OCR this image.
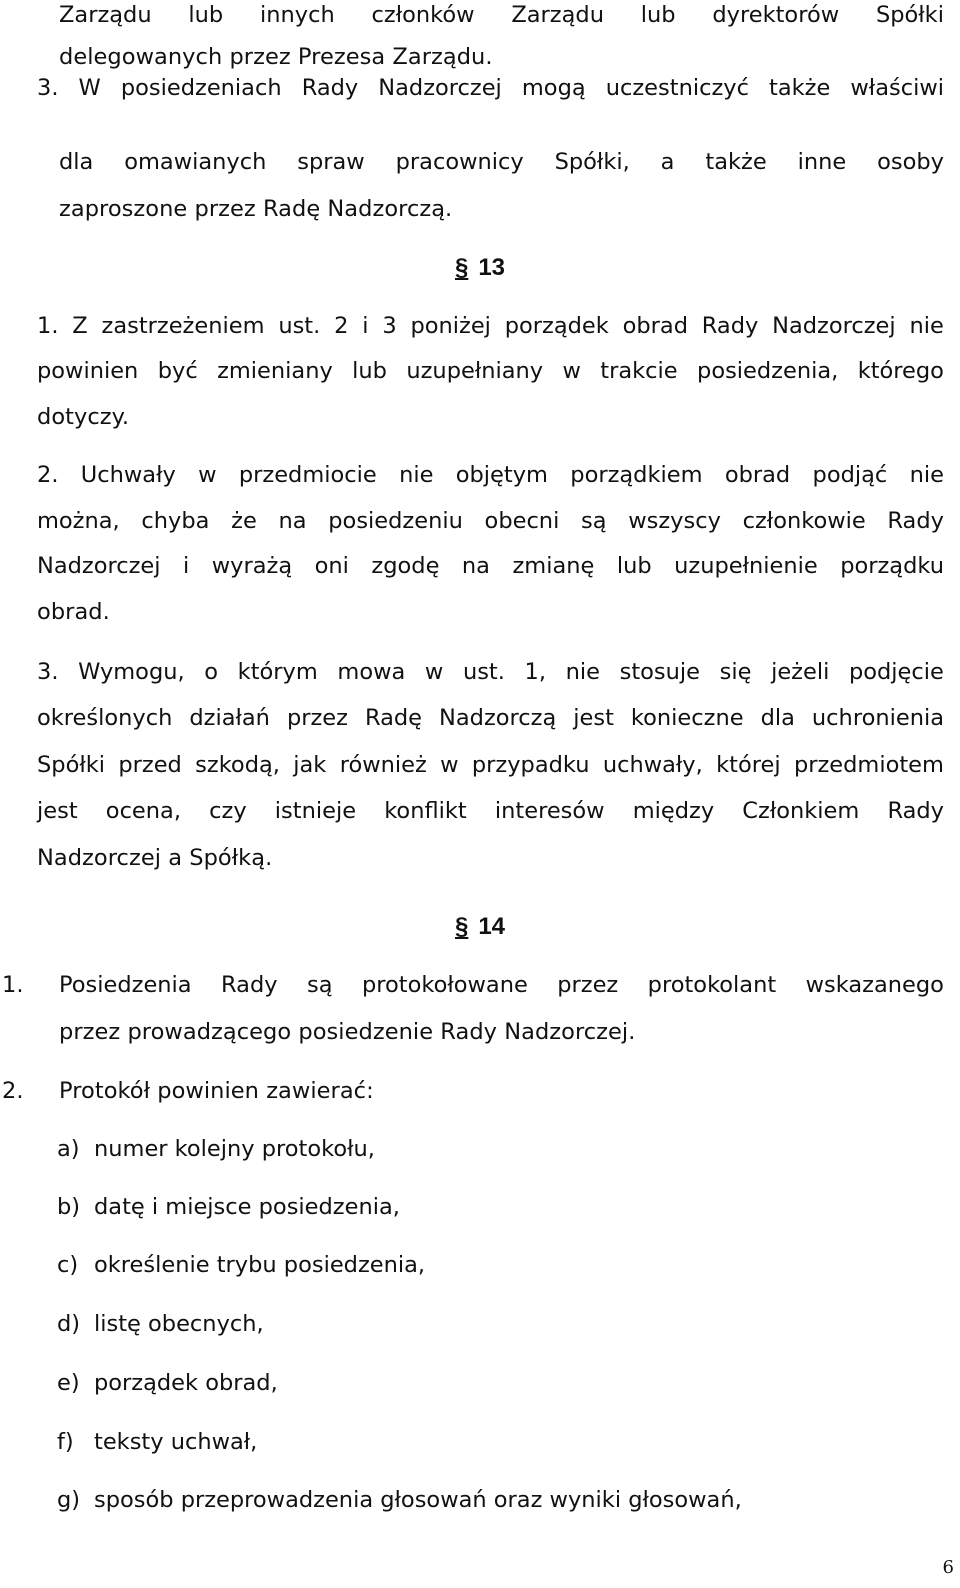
Zarządu lub innych członków Zarządu lub dyrektorów Spółki

delegowanych przez Prezesa Zarządu.

3. W posiedzeniach Rady Nadzorczej mogą uczestniczyć także właściwi
dla omawianych spraw pracownicy Spółki, a także inne osoby

zaproszone przez Radę Nadzorczą.

§ 13

1. Z zastrzeżeniem ust. 2 i 3 poniżej porządek obrad Rady Nadzorczej nie
powinien być zmieniany lub uzupełniany w trakcie posiedzenia, którego

dotyczy.

2. Uchwały w przedmiocie nie objętym porządkiem obrad podjąć nie
można, chyba że na posiedzeniu obecni są wszyscy członkowie Rady
Nadzorczej i wyrażą oni zgodę na zmianę lub uzupełnienie porządku

obrad.

3. Wymogu, o którym mowa w ust. 1, nie stosuje się jeżeli podjęcie
określonych działań przez Radę Nadzorczą jest konieczne dla uchronienia
Spółki przed szkodą, jak również w przypadku uchwały, której przedmiotem
jest ocena, czy istnieje konflikt interesów między Członkiem Rady

Nadzorczej a Spółką.

§ 14

1. Posiedzenia Rady są protokołowane przez protokolant wskazanego

przez prowadzącego posiedzenie Rady Nadzorczej.

2. Protokół powinien zawierać:

a) numer kolejny protokołu,

b) datę i miejsce posiedzenia,

c) określenie trybu posiedzenia,

d) listę obecnych,

e) porządek obrad,

f) teksty uchwał,

g) sposób przeprowadzenia głosowań oraz wyniki głosowań,

6
